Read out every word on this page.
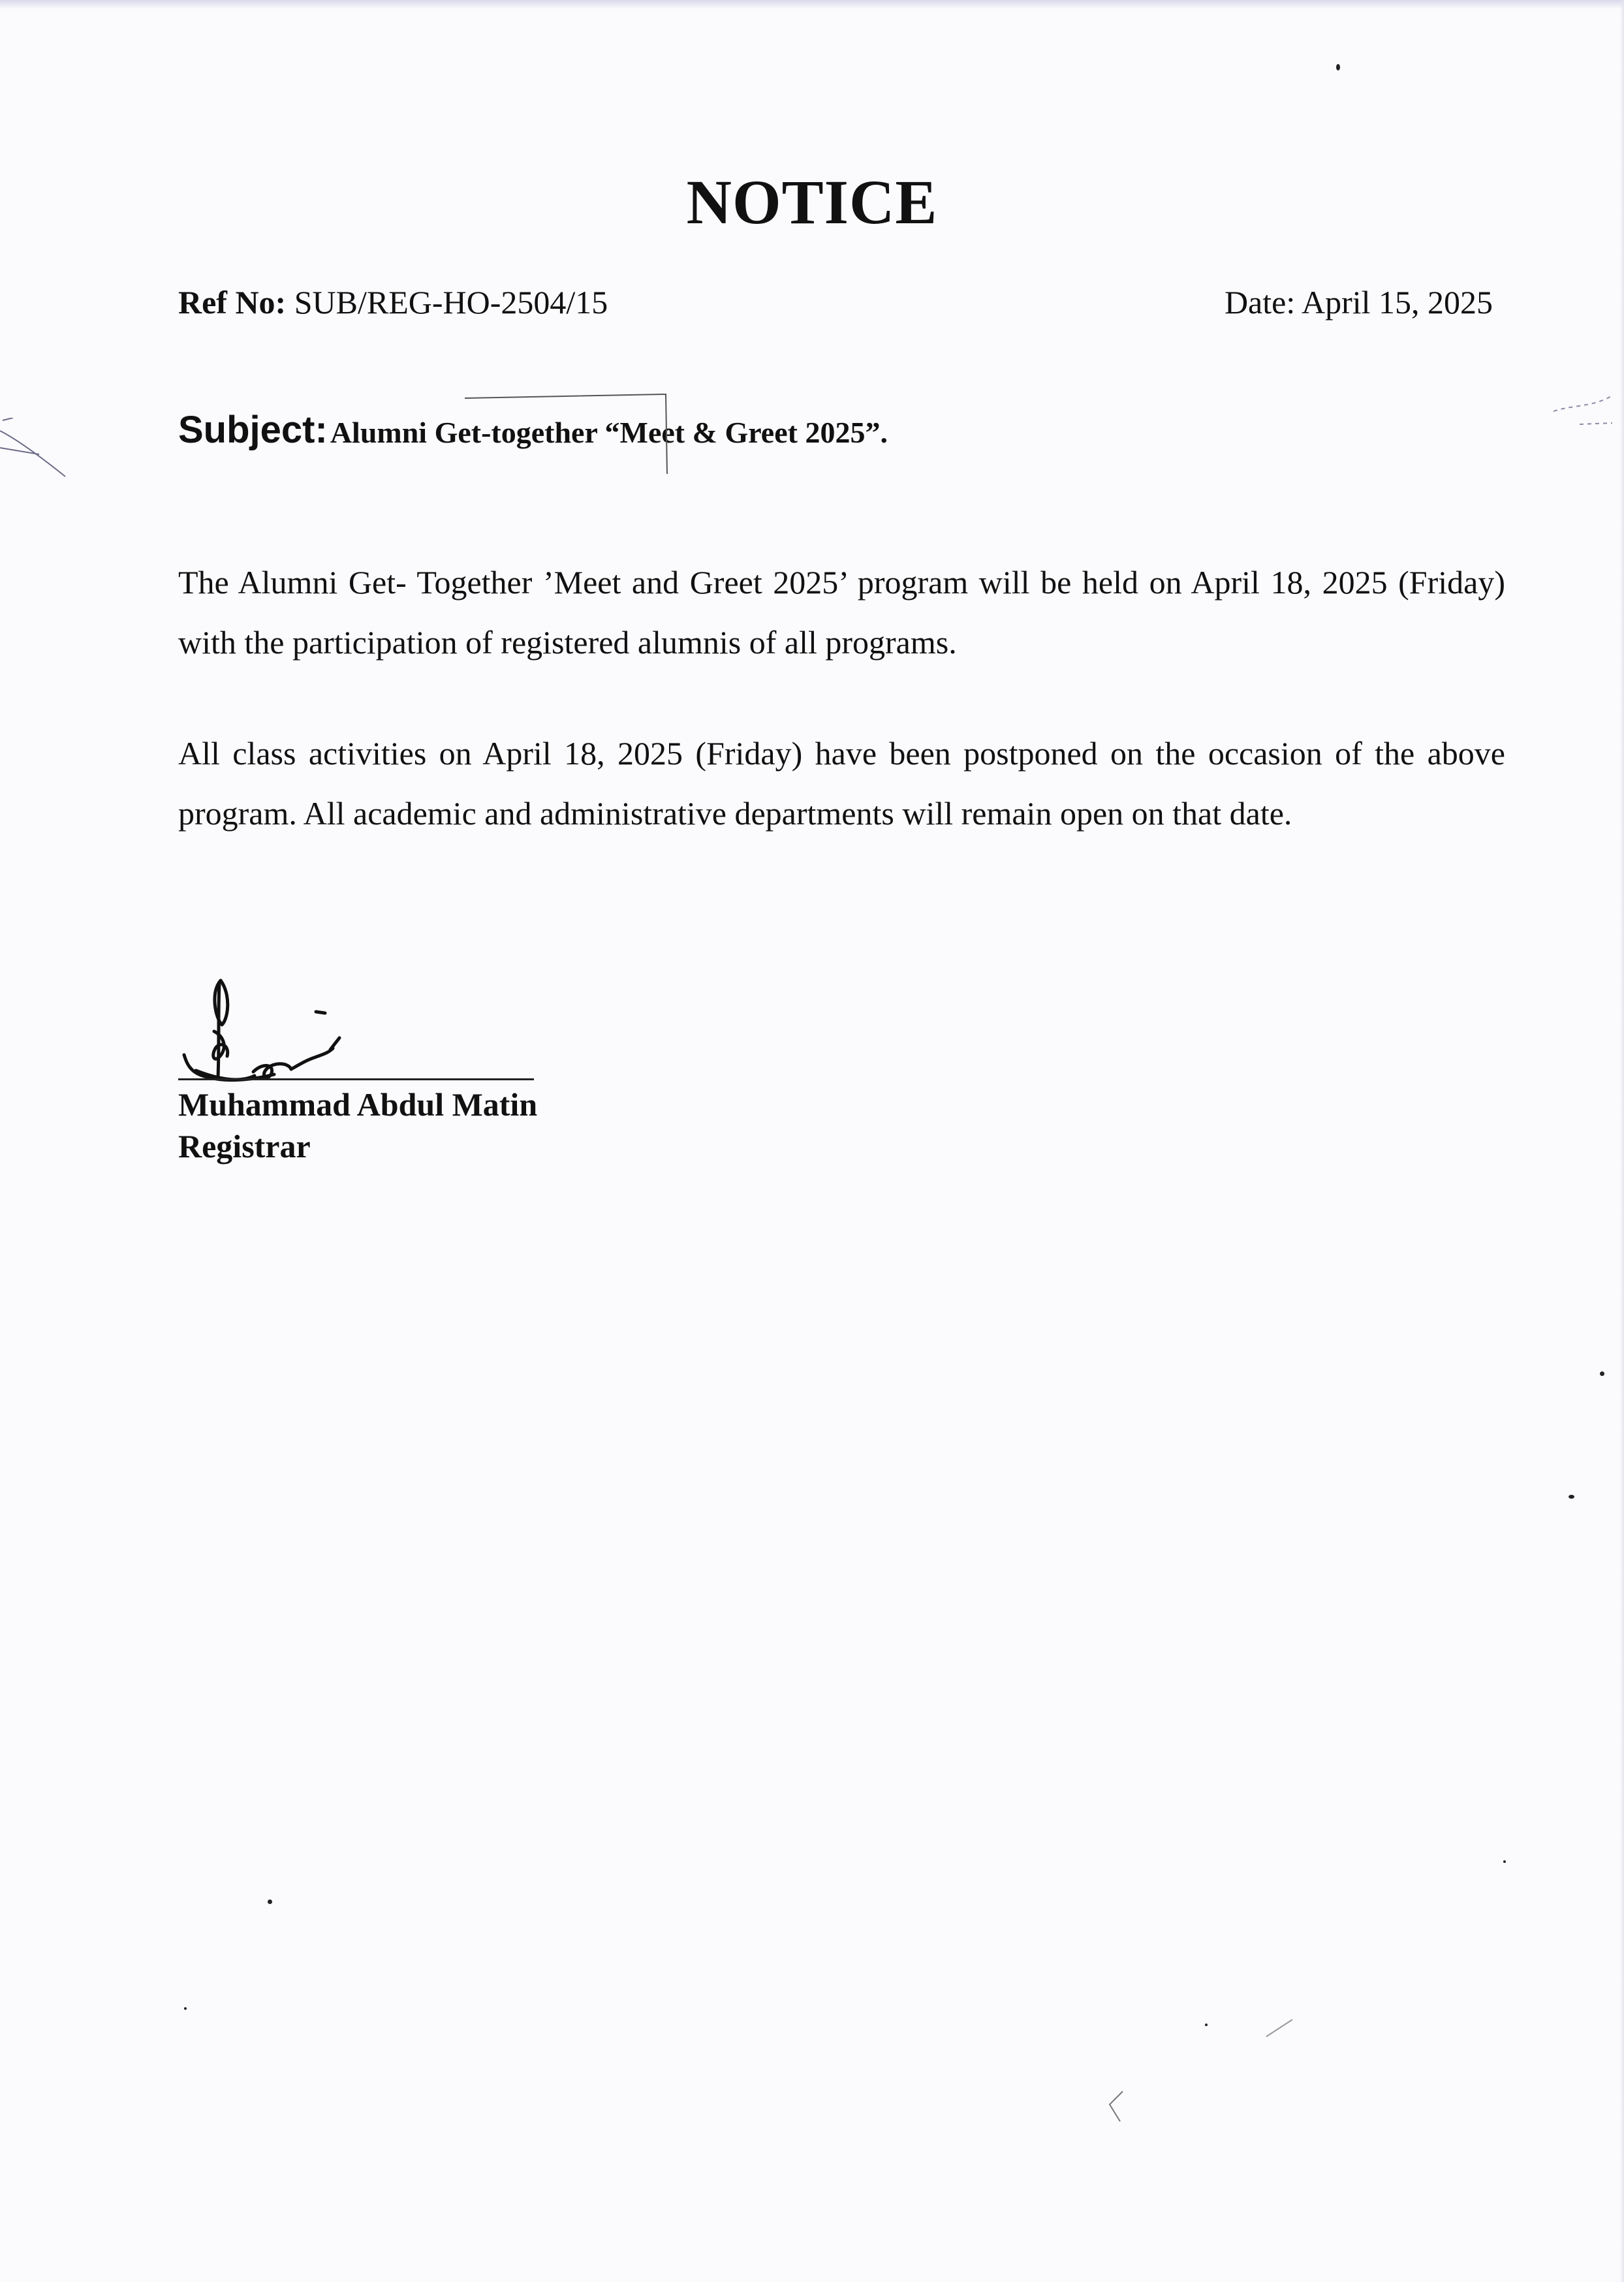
NOTICE
Ref No: SUB/REG-HO-2504/15	Date: April 15, 2025
Subject: Alumni Get-together “Meet & Greet 2025”.

The Alumni Get- Together ’Meet and Greet 2025’ program will be held on April 18, 2025 (Friday) with the participation of registered alumnis of all programs.

All class activities on April 18, 2025 (Friday) have been postponed on the occasion of the above program. All academic and administrative departments will remain open on that date.

Muhammad Abdul Matin
Registrar
